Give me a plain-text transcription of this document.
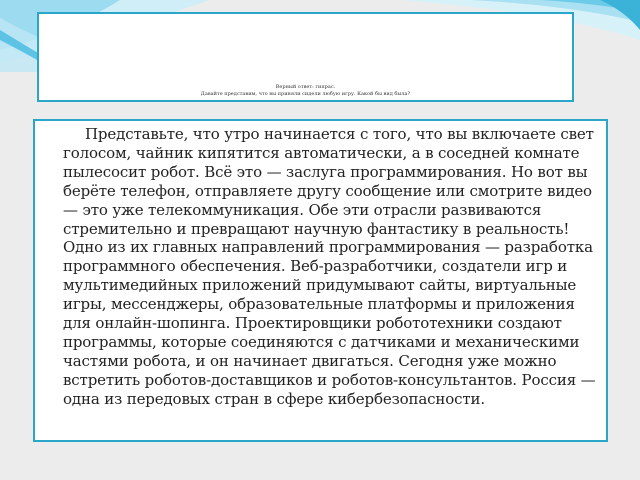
Верный ответ: гипрас.
Давайте представим, что вы приняли сидели любую игру. Какой бы вид была?

Представьте, что утро начинается с того, что вы включаете свет голосом, чайник кипятится автоматически, а в соседней комнате пылесосит робот. Всё это — заслуга программирования. Но вот вы берёте телефон, отправляете другу сообщение или смотрите видео — это уже телекоммуникация. Обе эти отрасли развиваются стремительно и превращают научную фантастику в реальность! Одно из их главных направлений программирования — разработка программного обеспечения. Веб-разработчики, создатели игр и мультимедийных приложений придумывают сайты, виртуальные игры, мессенджеры, образовательные платформы и приложения для онлайн-шопинга. Проектировщики робототехники создают программы, которые соединяются с датчиками и механическими частями робота, и он начинает двигаться. Сегодня уже можно встретить роботов-доставщиков и роботов-консультантов. Россия — одна из передовых стран в сфере кибербезопасности.
